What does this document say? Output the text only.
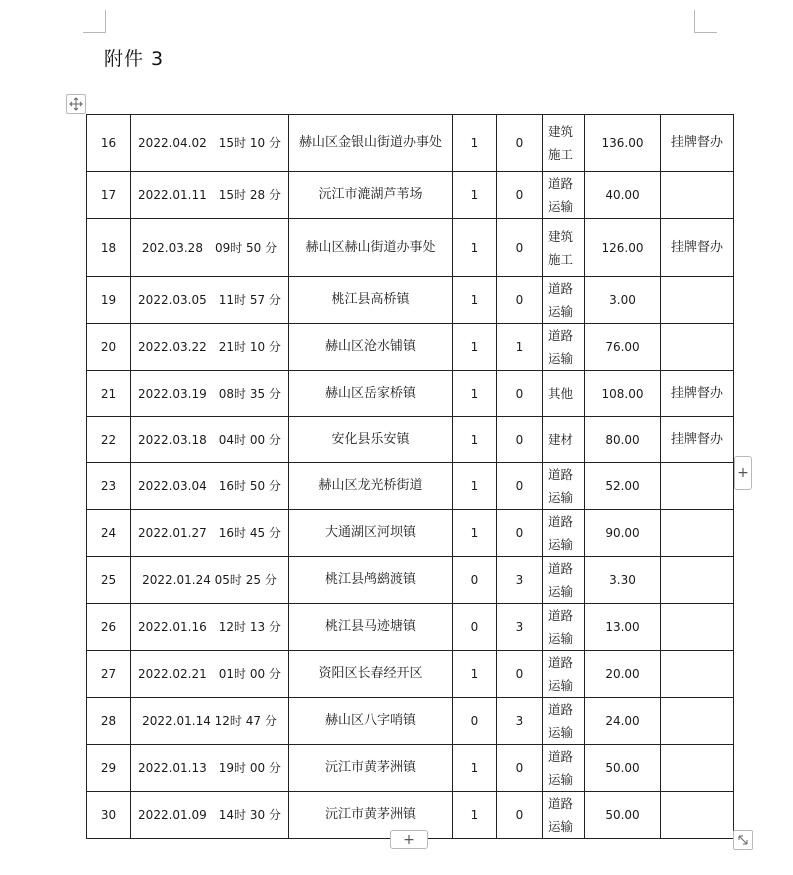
附件 3
16	2022.04.02　15时 10 分	赫山区金银山街道办事处	1	0	建筑施工	136.00	挂牌督办
17	2022.01.11　15时 28 分	沅江市漉湖芦苇场	1	0	道路运输	40.00	
18	202.03.28　09时 50 分	赫山区赫山街道办事处	1	0	建筑施工	126.00	挂牌督办
19	2022.03.05　11时 57 分	桃江县高桥镇	1	0	道路运输	3.00	
20	2022.03.22　21时 10 分	赫山区沧水铺镇	1	1	道路运输	76.00	
21	2022.03.19　08时 35 分	赫山区岳家桥镇	1	0	其他	108.00	挂牌督办
22	2022.03.18　04时 00 分	安化县乐安镇	1	0	建材	80.00	挂牌督办
23	2022.03.04　16时 50 分	赫山区龙光桥街道	1	0	道路运输	52.00	
24	2022.01.27　16时 45 分	大通湖区河坝镇	1	0	道路运输	90.00	
25	2022.01.24 05时 25 分	桃江县鸬鹚渡镇	0	3	道路运输	3.30	
26	2022.01.16　12时 13 分	桃江县马迹塘镇	0	3	道路运输	13.00	
27	2022.02.21　01时 00 分	资阳区长春经开区	1	0	道路运输	20.00	
28	2022.01.14 12时 47 分	赫山区八字哨镇	0	3	道路运输	24.00	
29	2022.01.13　19时 00 分	沅江市黄茅洲镇	1	0	道路运输	50.00	
30	2022.01.09　14时 30 分	沅江市黄茅洲镇	1	0	道路运输	50.00	
+
+
